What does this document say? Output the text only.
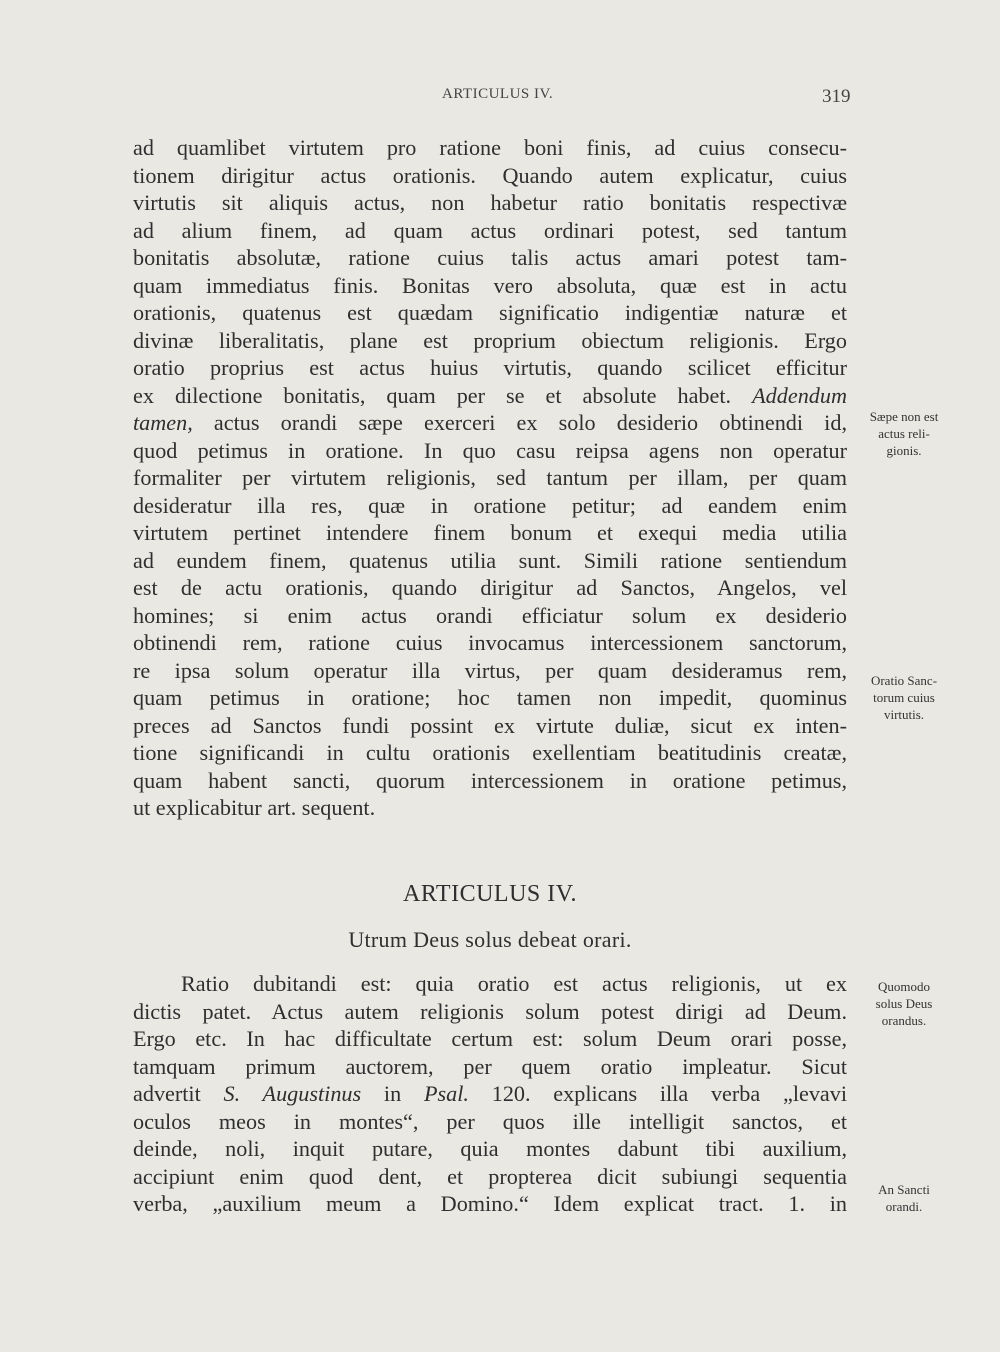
ARTICULUS IV.	319
ad quamlibet virtutem pro ratione boni finis, ad cuius consecu-
tionem dirigitur actus orationis. Quando autem explicatur, cuius
virtutis sit aliquis actus, non habetur ratio bonitatis respectivæ
ad alium finem, ad quam actus ordinari potest, sed tantum
bonitatis absolutæ, ratione cuius talis actus amari potest tam-
quam immediatus finis. Bonitas vero absoluta, quæ est in actu
orationis, quatenus est quædam significatio indigentiæ naturæ et
divinæ liberalitatis, plane est proprium obiectum religionis. Ergo
oratio proprius est actus huius virtutis, quando scilicet efficitur
ex dilectione bonitatis, quam per se et absolute habet. Addendum
tamen, actus orandi sæpe exerceri ex solo desiderio obtinendi id,
quod petimus in oratione. In quo casu reipsa agens non operatur
formaliter per virtutem religionis, sed tantum per illam, per quam
desideratur illa res, quæ in oratione petitur; ad eandem enim
virtutem pertinet intendere finem bonum et exequi media utilia
ad eundem finem, quatenus utilia sunt. Simili ratione sentiendum
est de actu orationis, quando dirigitur ad Sanctos, Angelos, vel
homines; si enim actus orandi efficiatur solum ex desiderio
obtinendi rem, ratione cuius invocamus intercessionem sanctorum,
re ipsa solum operatur illa virtus, per quam desideramus rem,
quam petimus in oratione; hoc tamen non impedit, quominus
preces ad Sanctos fundi possint ex virtute duliæ, sicut ex inten-
tione significandi in cultu orationis exellentiam beatitudinis creatæ,
quam habent sancti, quorum intercessionem in oratione petimus,
ut explicabitur art. sequent.
ARTICULUS IV.
Utrum Deus solus debeat orari.
Ratio dubitandi est: quia oratio est actus religionis, ut ex
dictis patet. Actus autem religionis solum potest dirigi ad Deum.
Ergo etc. In hac difficultate certum est: solum Deum orari posse,
tamquam primum auctorem, per quem oratio impleatur. Sicut
advertit S. Augustinus in Psal. 120. explicans illa verba „levavi
oculos meos in montes“, per quos ille intelligit sanctos, et
deinde, noli, inquit putare, quia montes dabunt tibi auxilium,
accipiunt enim quod dent, et propterea dicit subiungi sequentia
verba, „auxilium meum a Domino.“ Idem explicat tract. 1. in
Sæpe non est
actus reli-
gionis.
Oratio Sanc-
torum cuius
virtutis.
Quomodo
solus Deus
orandus.
An Sancti
orandi.
